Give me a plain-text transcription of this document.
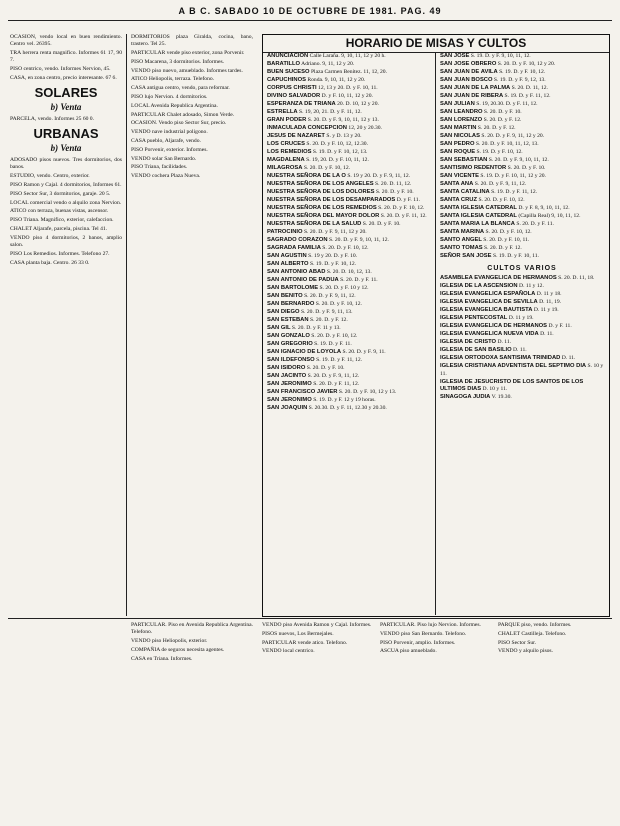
A B C. SABADO 10 DE OCTUBRE DE 1981. PAG. 49

OCASION, vendo local en buen rendimiento. Centro vel. 26395.

TRA herrera renta magnifico. Informes 61 17, 90 7.

PISO centrico, vendo. Informes Nervion, 45.

CASA, en zona centro, precio interesante. 67 6.

SOLARES
b) Venta

PARCELA, vendo. Informes 25 60 0.

URBANAS
b) Venta

ADOSADO pisos nuevos. Tres dormitorios, dos banos.

ESTUDIO, vendo. Centro, exterior.

PISO Ramon y Cajal. 4 dormitorios, Informes 61.

PISO Sector Sur, 3 dormitorios, garaje. 20 5.

LOCAL comercial vendo o alquilo zona Nervion.

ATICO con terraza, buenas vistas, ascensor.

PISO Triana. Magnifico, exterior, calefaccion.

CHALET Aljarafe, parcela, piscina. Tel 41.

VENDO piso 4 dormitorios, 2 banos, amplio salon.

PISO Los Remedios. Informes. Telefono 27.

CASA planta baja. Centro. 26 33 0.

DORMITORIOS plaza Giralda, cocina, bano, trastero. Tel 25.

PARTICULAR vende piso exterior, zona Porvenir.

PISO Macarena, 3 dormitorios. Informes.

VENDO piso nuevo, amueblado. Informes tardes.

ATICO Heliopolis, terraza. Telefono.

CASA antigua centro, vendo, para reformar.

PISO lujo Nervion. 4 dormitorios.

LOCAL Avenida Republica Argentina.

PARTICULAR Chalet adosado, Simon Verde.

OCASION. Vendo piso Sector Sur, precio.

VENDO nave industrial poligono.

CASA pueblo, Aljarafe, vendo.

PISO Porvenir, exterior. Informes.

VENDO solar San Bernardo.

PISO Triana, facilidades.

VENDO cochera Plaza Nueva.

HORARIO DE MISAS Y CULTOS

ANUNCIACION Calle Laraña. 9, 10, 11, 12 y 20 h.

BARATILLO Adriano. 9, 11, 12 y 20.

BUEN SUCESO Plaza Carmen Benitez. 11, 12, 20.

CAPUCHINOS Ronda. 9, 10, 11, 12 y 20.

CORPUS CHRISTI 12, 13 y 20. D. y F. 10, 11.

DIVINO SALVADOR D. y F. 10, 11, 12 y 20.

ESPERANZA DE TRIANA 20. D. 10, 12 y 20.

ESTRELLA S. 19, 20, 21. D. y F. 11, 12.

GRAN PODER S. 20. D. y F. 9, 10, 11, 12 y 13.

INMACULADA CONCEPCION 12, 20 y 20.30.

JESUS DE NAZARET S. y D. 13 y 20.

LOS CRUCES S. 20. D. y F. 10, 12, 12.30.

LOS REMEDIOS S. 19. D. y F. 10, 12, 13.

MAGDALENA S. 19, 20. D. y F. 10, 11, 12.

MILAGROSA S. 20. D. y F. 10, 12.

NUESTRA SEÑORA DE LA O S. 19 y 20. D. y F. 9, 11, 12.

NUESTRA SEÑORA DE LOS ANGELES S. 20. D. 11, 12.

NUESTRA SEÑORA DE LOS DOLORES S. 20. D. y F. 10.

NUESTRA SEÑORA DE LOS DESAMPARADOS D. y F. 11.

NUESTRA SEÑORA DE LOS REMEDIOS S. 20. D. y F. 10, 12.

NUESTRA SEÑORA DEL MAYOR DOLOR S. 20. D. y F. 11, 12.

NUESTRA SEÑORA DE LA SALUD S. 20. D. y F. 10.

PATROCINIO S. 20. D. y F. 9, 11, 12 y 20.

SAGRADO CORAZON S. 20. D. y F. 9, 10, 11, 12.

SAGRADA FAMILIA S. 20. D. y F. 10, 12.

SAN AGUSTIN S. 19 y 20. D. y F. 10.

SAN ALBERTO S. 19. D. y F. 10, 12.

SAN ANTONIO ABAD S. 20. D. 10, 12, 13.

SAN ANTONIO DE PADUA S. 20. D. y F. 11.

SAN BARTOLOME S. 20. D. y F. 10 y 12.

SAN BENITO S. 20. D. y F. 9, 11, 12.

SAN BERNARDO S. 20. D. y F. 10, 12.

SAN DIEGO S. 20. D. y F. 9, 11, 13.

SAN ESTEBAN S. 20. D. y F. 12.

SAN GIL S. 20. D. y F. 11 y 13.

SAN GONZALO S. 20. D. y F. 10, 12.

SAN GREGORIO S. 19. D. y F. 11.

SAN IGNACIO DE LOYOLA S. 20. D. y F. 9, 11.

SAN ILDEFONSO S. 19. D. y F. 11, 12.

SAN ISIDORO S. 20. D. y F. 10.

SAN JACINTO S. 20. D. y F. 9, 11, 12.

SAN JERONIMO S. 20. D. y F. 11, 12.

SAN FRANCISCO JAVIER S. 20. D. y F. 10, 12 y 13.

SAN JERONIMO S. 19. D. y F. 12 y 19 horas.

SAN JOAQUIN S. 20.30. D. y F. 11, 12.30 y 20.30.

SAN JOSE S. 19. D. y F. 9, 10, 11, 12.

SAN JOSE OBRERO S. 20. D. y F. 10, 12 y 20.

SAN JUAN DE AVILA S. 19. D. y F. 10, 12.

SAN JUAN BOSCO S. 19. D. y F. 9, 12, 13.

SAN JUAN DE LA PALMA S. 20. D. 11, 12.

SAN JUAN DE RIBERA S. 19. D. y F. 11, 12.

SAN JULIAN S. 19, 20.30. D. y F. 11, 12.

SAN LEANDRO S. 20. D. y F. 10.

SAN LORENZO S. 20. D. y F. 12.

SAN MARTIN S. 20. D. y F. 12.

SAN NICOLAS S. 20. D. y F. 9, 11, 12 y 20.

SAN PEDRO S. 20. D. y F. 10, 11, 12, 13.

SAN ROQUE S. 19. D. y F. 10, 12.

SAN SEBASTIAN S. 20. D. y F. 9, 10, 11, 12.

SANTISIMO REDENTOR S. 20. D. y F. 10.

SAN VICENTE S. 19. D. y F. 10, 11, 12 y 20.

SANTA ANA S. 20. D. y F. 9, 11, 12.

SANTA CATALINA S. 19. D. y F. 11, 12.

SANTA CRUZ S. 20. D. y F. 10, 12.

SANTA IGLESIA CATEDRAL D. y F. 8, 9, 10, 11, 12.

SANTA IGLESIA CATEDRAL (Capilla Real) 9, 10, 11, 12.

SANTA MARIA LA BLANCA S. 20. D. y F. 11.

SANTA MARINA S. 20. D. y F. 10, 12.

SANTO ANGEL S. 20. D. y F. 10, 11.

SANTO TOMAS S. 20. D. y F. 12.

SEÑOR SAN JOSE S. 19. D. y F. 10, 11.

CULTOS VARIOS

ASAMBLEA EVANGELICA DE HERMANOS S. 20. D. 11, 18.

IGLESIA DE LA ASCENSION D. 11 y 12.

IGLESIA EVANGELICA ESPAÑOLA D. 11 y 18.

IGLESIA EVANGELICA DE SEVILLA D. 11, 19.

IGLESIA EVANGELICA BAUTISTA D. 11 y 19.

IGLESIA PENTECOSTAL D. 11 y 19.

IGLESIA EVANGELICA DE HERMANOS D. y F. 11.

IGLESIA EVANGELICA NUEVA VIDA D. 11.

IGLESIA DE CRISTO D. 11.

IGLESIA DE SAN BASILIO D. 11.

IGLESIA ORTODOXA SANTISIMA TRINIDAD D. 11.

IGLESIA CRISTIANA ADVENTISTA DEL SEPTIMO DIA S. 10 y 11.

IGLESIA DE JESUCRISTO DE LOS SANTOS DE LOS ULTIMOS DIAS D. 10 y 11.

SINAGOGA JUDIA V. 19.30.

PARTICULAR. Piso en Avenida Republica Argentina. Telefono.

VENDO piso Heliopolis, exterior.

COMPAÑIA de seguros necesita agentes.

CASA en Triana. Informes.

VENDO piso Avenida Ramon y Cajal. Informes.

PISOS nuevos, Los Bermejales.

PARTICULAR vende atico. Telefono.

VENDO local centrico.

PARTICULAR. Piso lujo Nervion. Informes.

VENDO piso San Bernardo. Telefono.

PISO Porvenir, amplio. Informes.

ASCUA piso amueblado.

PARQUE piso, vendo. Informes.

CHALET Castilleja. Telefono.

PISO Sector Sur.

VENDO y alquilo pisos.
